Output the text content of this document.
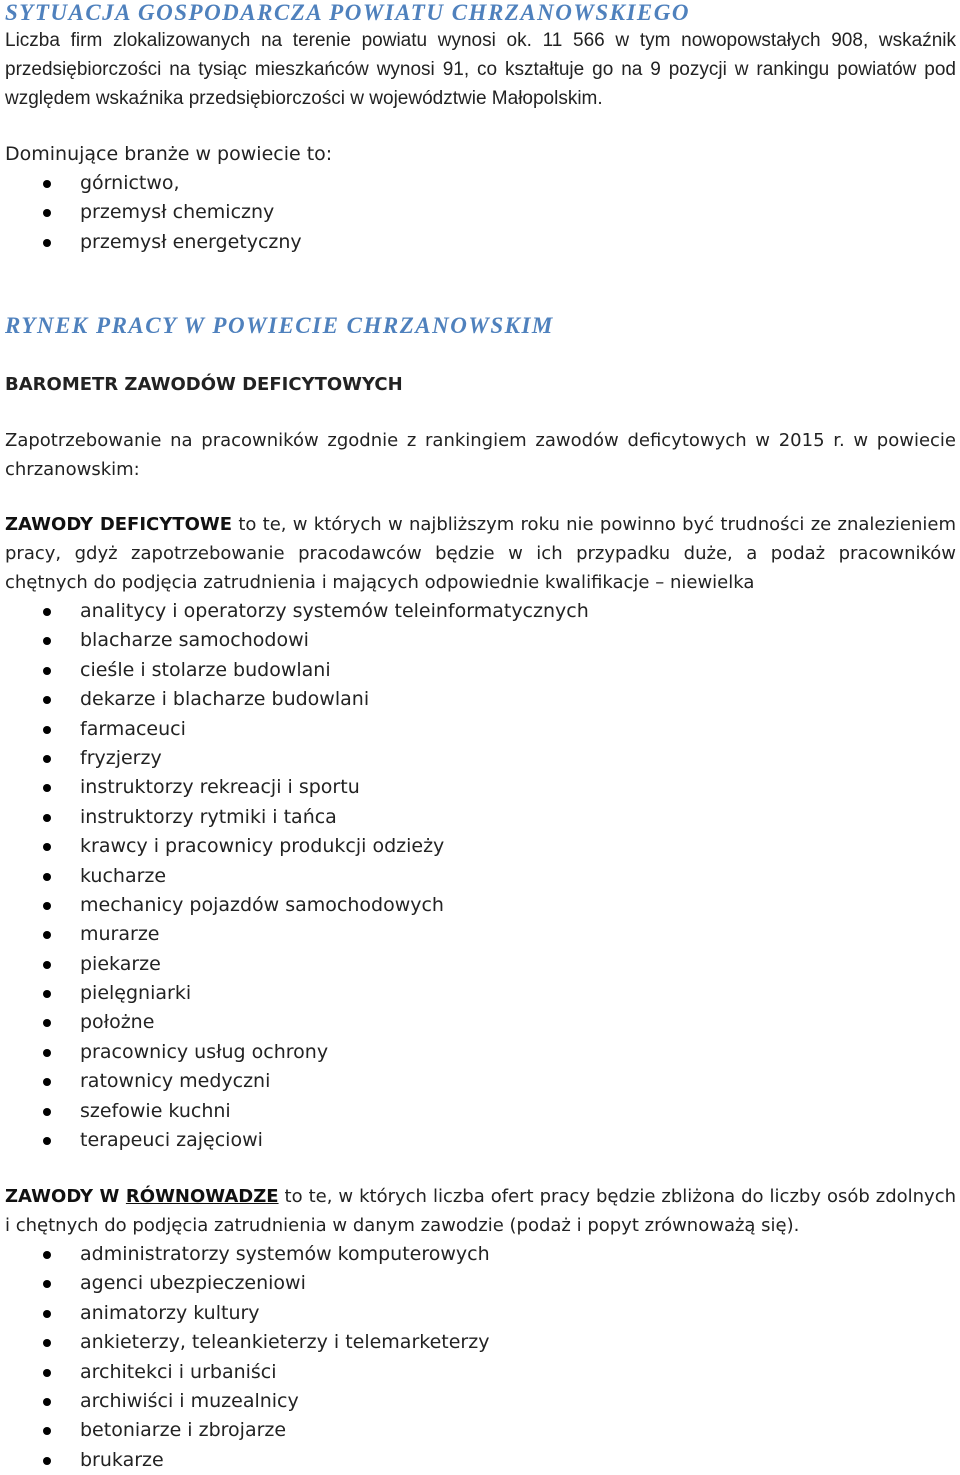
SYTUACJA GOSPODARCZA POWIATU CHRZANOWSKIEGO

Liczba firm zlokalizowanych na terenie powiatu wynosi ok. 11 566 w tym nowopowstałych 908, wskaźnik przedsiębiorczości na tysiąc mieszkańców wynosi 91, co kształtuje go na 9 pozycji w rankingu powiatów pod względem wskaźnika przedsiębiorczości w województwie Małopolskim.

Dominujące branże w powiecie to:

górnictwo,
przemysł chemiczny
przemysł energetyczny
RYNEK PRACY W POWIECIE CHRZANOWSKIM
BAROMETR ZAWODÓW DEFICYTOWYCH

Zapotrzebowanie na pracowników zgodnie z rankingiem zawodów deficytowych w 2015 r. w powiecie chrzanowskim:

ZAWODY DEFICYTOWE to te, w których w najbliższym roku nie powinno być trudności ze znalezieniem pracy, gdyż zapotrzebowanie pracodawców będzie w ich przypadku duże, a podaż pracowników chętnych do podjęcia zatrudnienia i mających odpowiednie kwalifikacje – niewielka

analitycy i operatorzy systemów teleinformatycznych
blacharze samochodowi
cieśle i stolarze budowlani
dekarze i blacharze budowlani
farmaceuci
fryzjerzy
instruktorzy rekreacji i sportu
instruktorzy rytmiki i tańca
krawcy i pracownicy produkcji odzieży
kucharze
mechanicy pojazdów samochodowych
murarze
piekarze
pielęgniarki
położne
pracownicy usług ochrony
ratownicy medyczni
szefowie kuchni
terapeuci zajęciowi

ZAWODY W RÓWNOWADZE to te, w których liczba ofert pracy będzie zbliżona do liczby osób zdolnych i chętnych do podjęcia zatrudnienia w danym zawodzie (podaż i popyt zrównoważą się).

administratorzy systemów komputerowych
agenci ubezpieczeniowi
animatorzy kultury
ankieterzy, teleankieterzy i telemarketerzy
architekci i urbaniści
archiwiści i muzealnicy
betoniarze i zbrojarze
brukarze
